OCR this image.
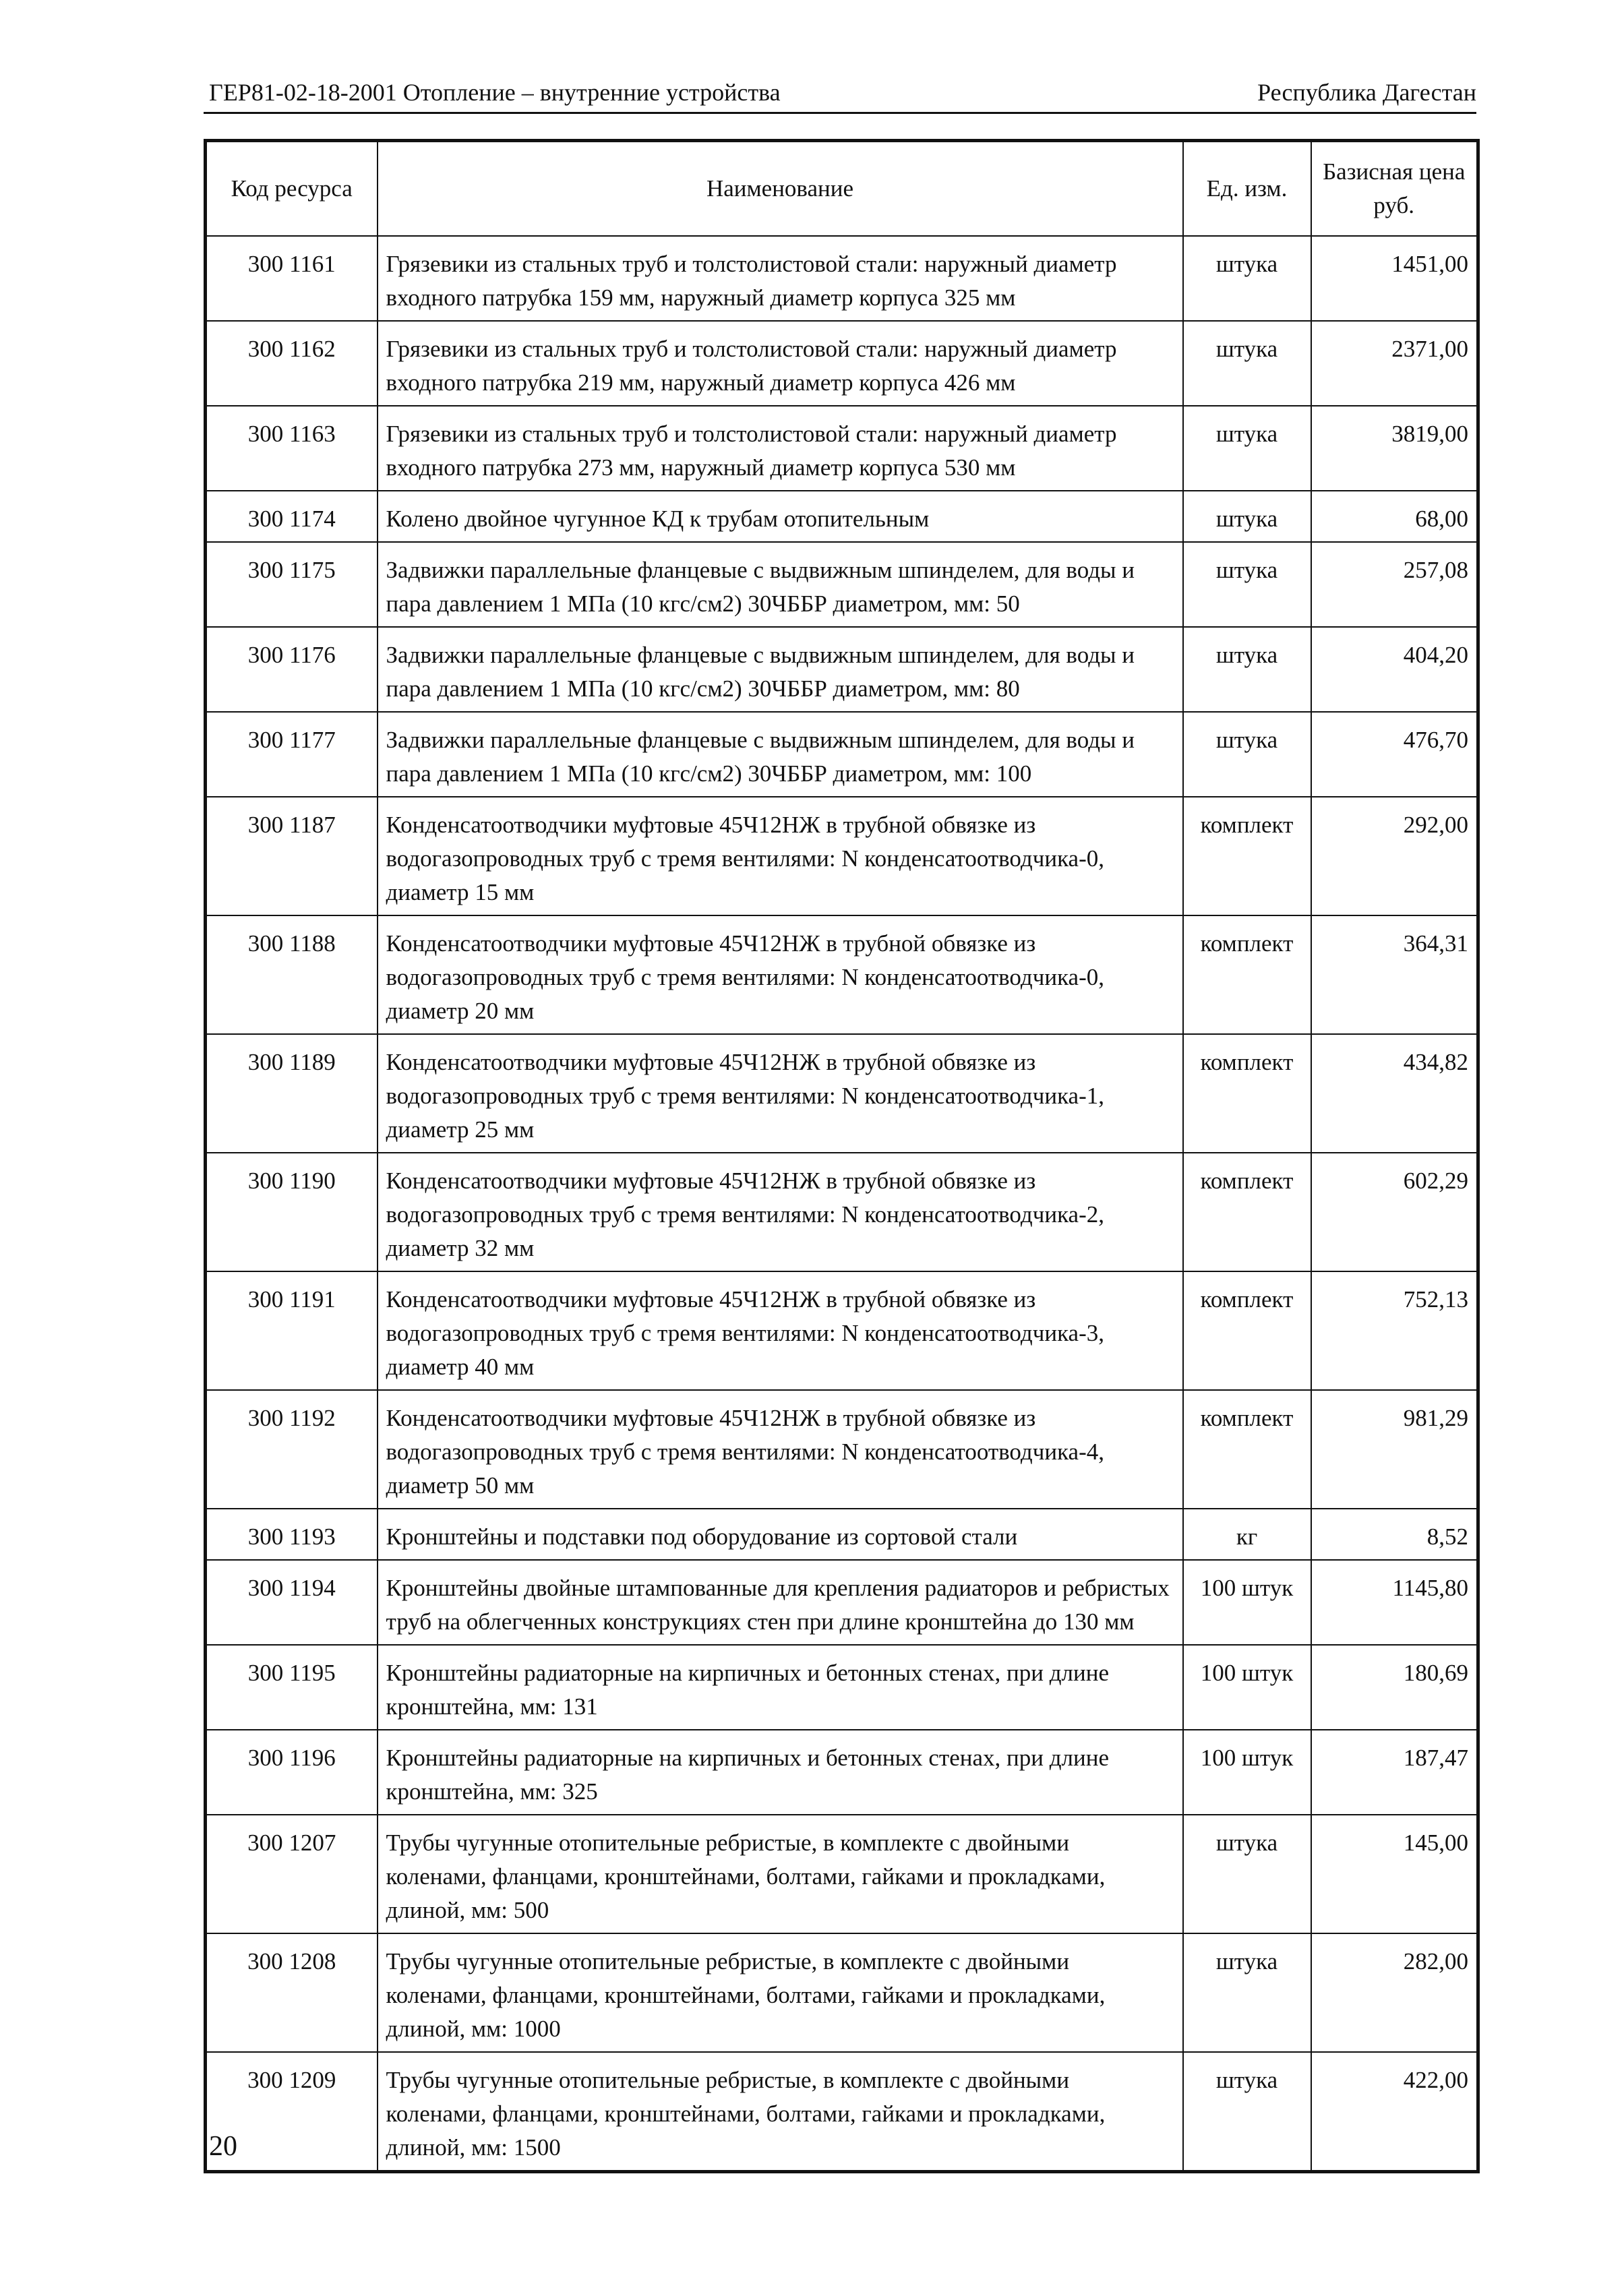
ГЕР81-02-18-2001 Отопление – внутренние устройства	Республика Дагестан
Код ресурса	Наименование	Ед. изм.	Базисная цена руб.
300 1161	Грязевики из стальных труб и толстолистовой стали: наружный диаметр входного патрубка 159 мм, наружный диаметр корпуса 325 мм	штука	1451,00
300 1162	Грязевики из стальных труб и толстолистовой стали: наружный диаметр входного патрубка 219 мм, наружный диаметр корпуса 426 мм	штука	2371,00
300 1163	Грязевики из стальных труб и толстолистовой стали: наружный диаметр входного патрубка 273 мм, наружный диаметр корпуса 530 мм	штука	3819,00
300 1174	Колено двойное чугунное КД к трубам отопительным	штука	68,00
300 1175	Задвижки параллельные фланцевые с выдвижным шпинделем, для воды и пара давлением 1 МПа (10 кгс/см2) 30ЧББР диаметром, мм: 50	штука	257,08
300 1176	Задвижки параллельные фланцевые с выдвижным шпинделем, для воды и пара давлением 1 МПа (10 кгс/см2) 30ЧББР диаметром, мм: 80	штука	404,20
300 1177	Задвижки параллельные фланцевые с выдвижным шпинделем, для воды и пара давлением 1 МПа (10 кгс/см2) 30ЧББР диаметром, мм: 100	штука	476,70
300 1187	Конденсатоотводчики муфтовые 45Ч12НЖ в трубной обвязке из водогазопроводных труб с тремя вентилями: N конденсатоотводчика-0, диаметр 15 мм	комплект	292,00
300 1188	Конденсатоотводчики муфтовые 45Ч12НЖ в трубной обвязке из водогазопроводных труб с тремя вентилями: N конденсатоотводчика-0, диаметр 20 мм	комплект	364,31
300 1189	Конденсатоотводчики муфтовые 45Ч12НЖ в трубной обвязке из водогазопроводных труб с тремя вентилями: N конденсатоотводчика-1, диаметр 25 мм	комплект	434,82
300 1190	Конденсатоотводчики муфтовые 45Ч12НЖ в трубной обвязке из водогазопроводных труб с тремя вентилями: N конденсатоотводчика-2, диаметр 32 мм	комплект	602,29
300 1191	Конденсатоотводчики муфтовые 45Ч12НЖ в трубной обвязке из водогазопроводных труб с тремя вентилями: N конденсатоотводчика-3, диаметр 40 мм	комплект	752,13
300 1192	Конденсатоотводчики муфтовые 45Ч12НЖ в трубной обвязке из водогазопроводных труб с тремя вентилями: N конденсатоотводчика-4, диаметр 50 мм	комплект	981,29
300 1193	Кронштейны и подставки под оборудование из сортовой стали	кг	8,52
300 1194	Кронштейны двойные штампованные для крепления радиаторов и ребристых труб на облегченных конструкциях стен при длине кронштейна до 130 мм	100 штук	1145,80
300 1195	Кронштейны радиаторные на кирпичных и бетонных стенах, при длине кронштейна, мм: 131	100 штук	180,69
300 1196	Кронштейны радиаторные на кирпичных и бетонных стенах, при длине кронштейна, мм: 325	100 штук	187,47
300 1207	Трубы чугунные отопительные ребристые, в комплекте с двойными коленами, фланцами, кронштейнами, болтами, гайками и прокладками, длиной, мм: 500	штука	145,00
300 1208	Трубы чугунные отопительные ребристые, в комплекте с двойными коленами, фланцами, кронштейнами, болтами, гайками и прокладками, длиной, мм: 1000	штука	282,00
300 1209	Трубы чугунные отопительные ребристые, в комплекте с двойными коленами, фланцами, кронштейнами, болтами, гайками и прокладками, длиной, мм: 1500	штука	422,00
20
